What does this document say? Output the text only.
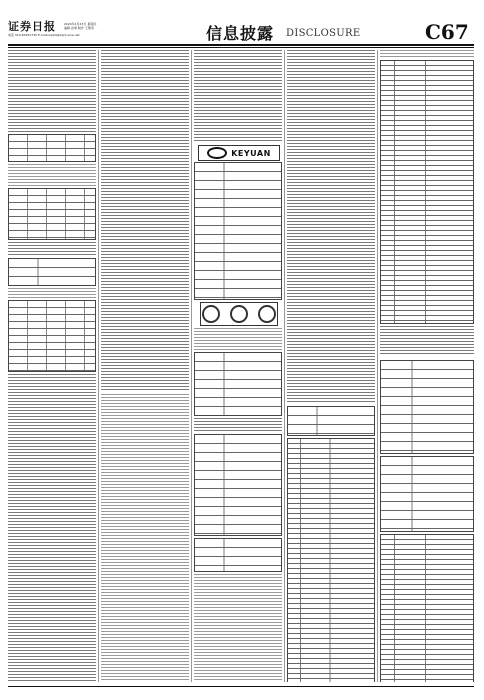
证券日报	2020年4月23日 星期四
编辑 孙倩 制作 王敬涛
电话 010-83251730 E-mail:zqrb9@zqrb.sina.net	信息披露 DISCLOSURE	C67
KEYUAN
